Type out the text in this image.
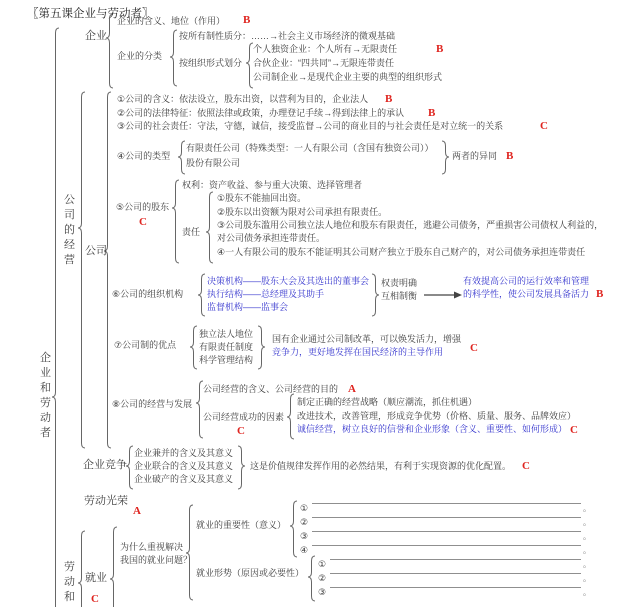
〖第五课企业与劳动者〗
企业和劳动者
企业
企业的含义、地位（作用） B
企业的分类
按所有制性质分：……→社会主义市场经济的微观基础
按组织形式划分
个人独资企业：个人所有→无限责任	B
合伙企业：“四共同”→无限连带责任
公司制企业→是现代企业主要的典型的组织形式
公司的经营
公司
①公司的含义：依法设立，股东出资，以营利为目的，企业法人 B
②公司的法律特征：依照法律或政策，办理登记手续→得到法律上的承认 B
③公司的社会责任：守法，守德，诚信，接受监督→公司的商业目的与社会责任是对立统一的关系	C
④公司的类型
有限责任公司（特殊类型：一人有限公司（含国有独资公司））
股份有限公司
两者的异同 B
⑤公司的股东
C
权利：资产收益、参与重大决策、选择管理者
责任
①股东不能抽回出资。
②股东以出资额为限对公司承担有限责任。
③公司股东滥用公司独立法人地位和股东有限责任，逃避公司债务，严重损害公司债权人利益的，
对公司债务承担连带责任。
④一人有限公司的股东不能证明其公司财产独立于股东自己财产的，对公司债务承担连带责任
⑥公司的组织机构
决策机构——股东大会及其选出的董事会
执行结构——总经理及其助手
监督机构——监事会
权责明确
互相制衡
有效提高公司的运行效率和管理
的科学性，使公司发展具备活力 B
⑦公司制的优点
独立法人地位
有限责任制度
科学管理结构
国有企业通过公司制改革，可以焕发活力，增强
竞争力，更好地发挥在国民经济的主导作用 C
⑧公司的经营与发展
公司经营的含义、公司经营的目的 A
公司经营成功的因素
C
制定正确的经营战略（顺应潮流，抓住机遇）
改进技术，改善管理，形成竞争优势（价格、质量、服务、品牌效应）
诚信经营，树立良好的信誉和企业形象（含义、重要性、如何形成） C
企业竞争
企业兼并的含义及其意义
企业联合的含义及其意义
企业破产的含义及其意义
这是价值规律发挥作用的必然结果，有利于实现资源的优化配置。 C
劳动光荣
A
劳动和
就业
C
为什么重视解决
我国的就业问题？
就业的重要性（意义）
①	。
②	。
③	。
④	。
就业形势（原因或必要性）
①	。
②	。
③	。
